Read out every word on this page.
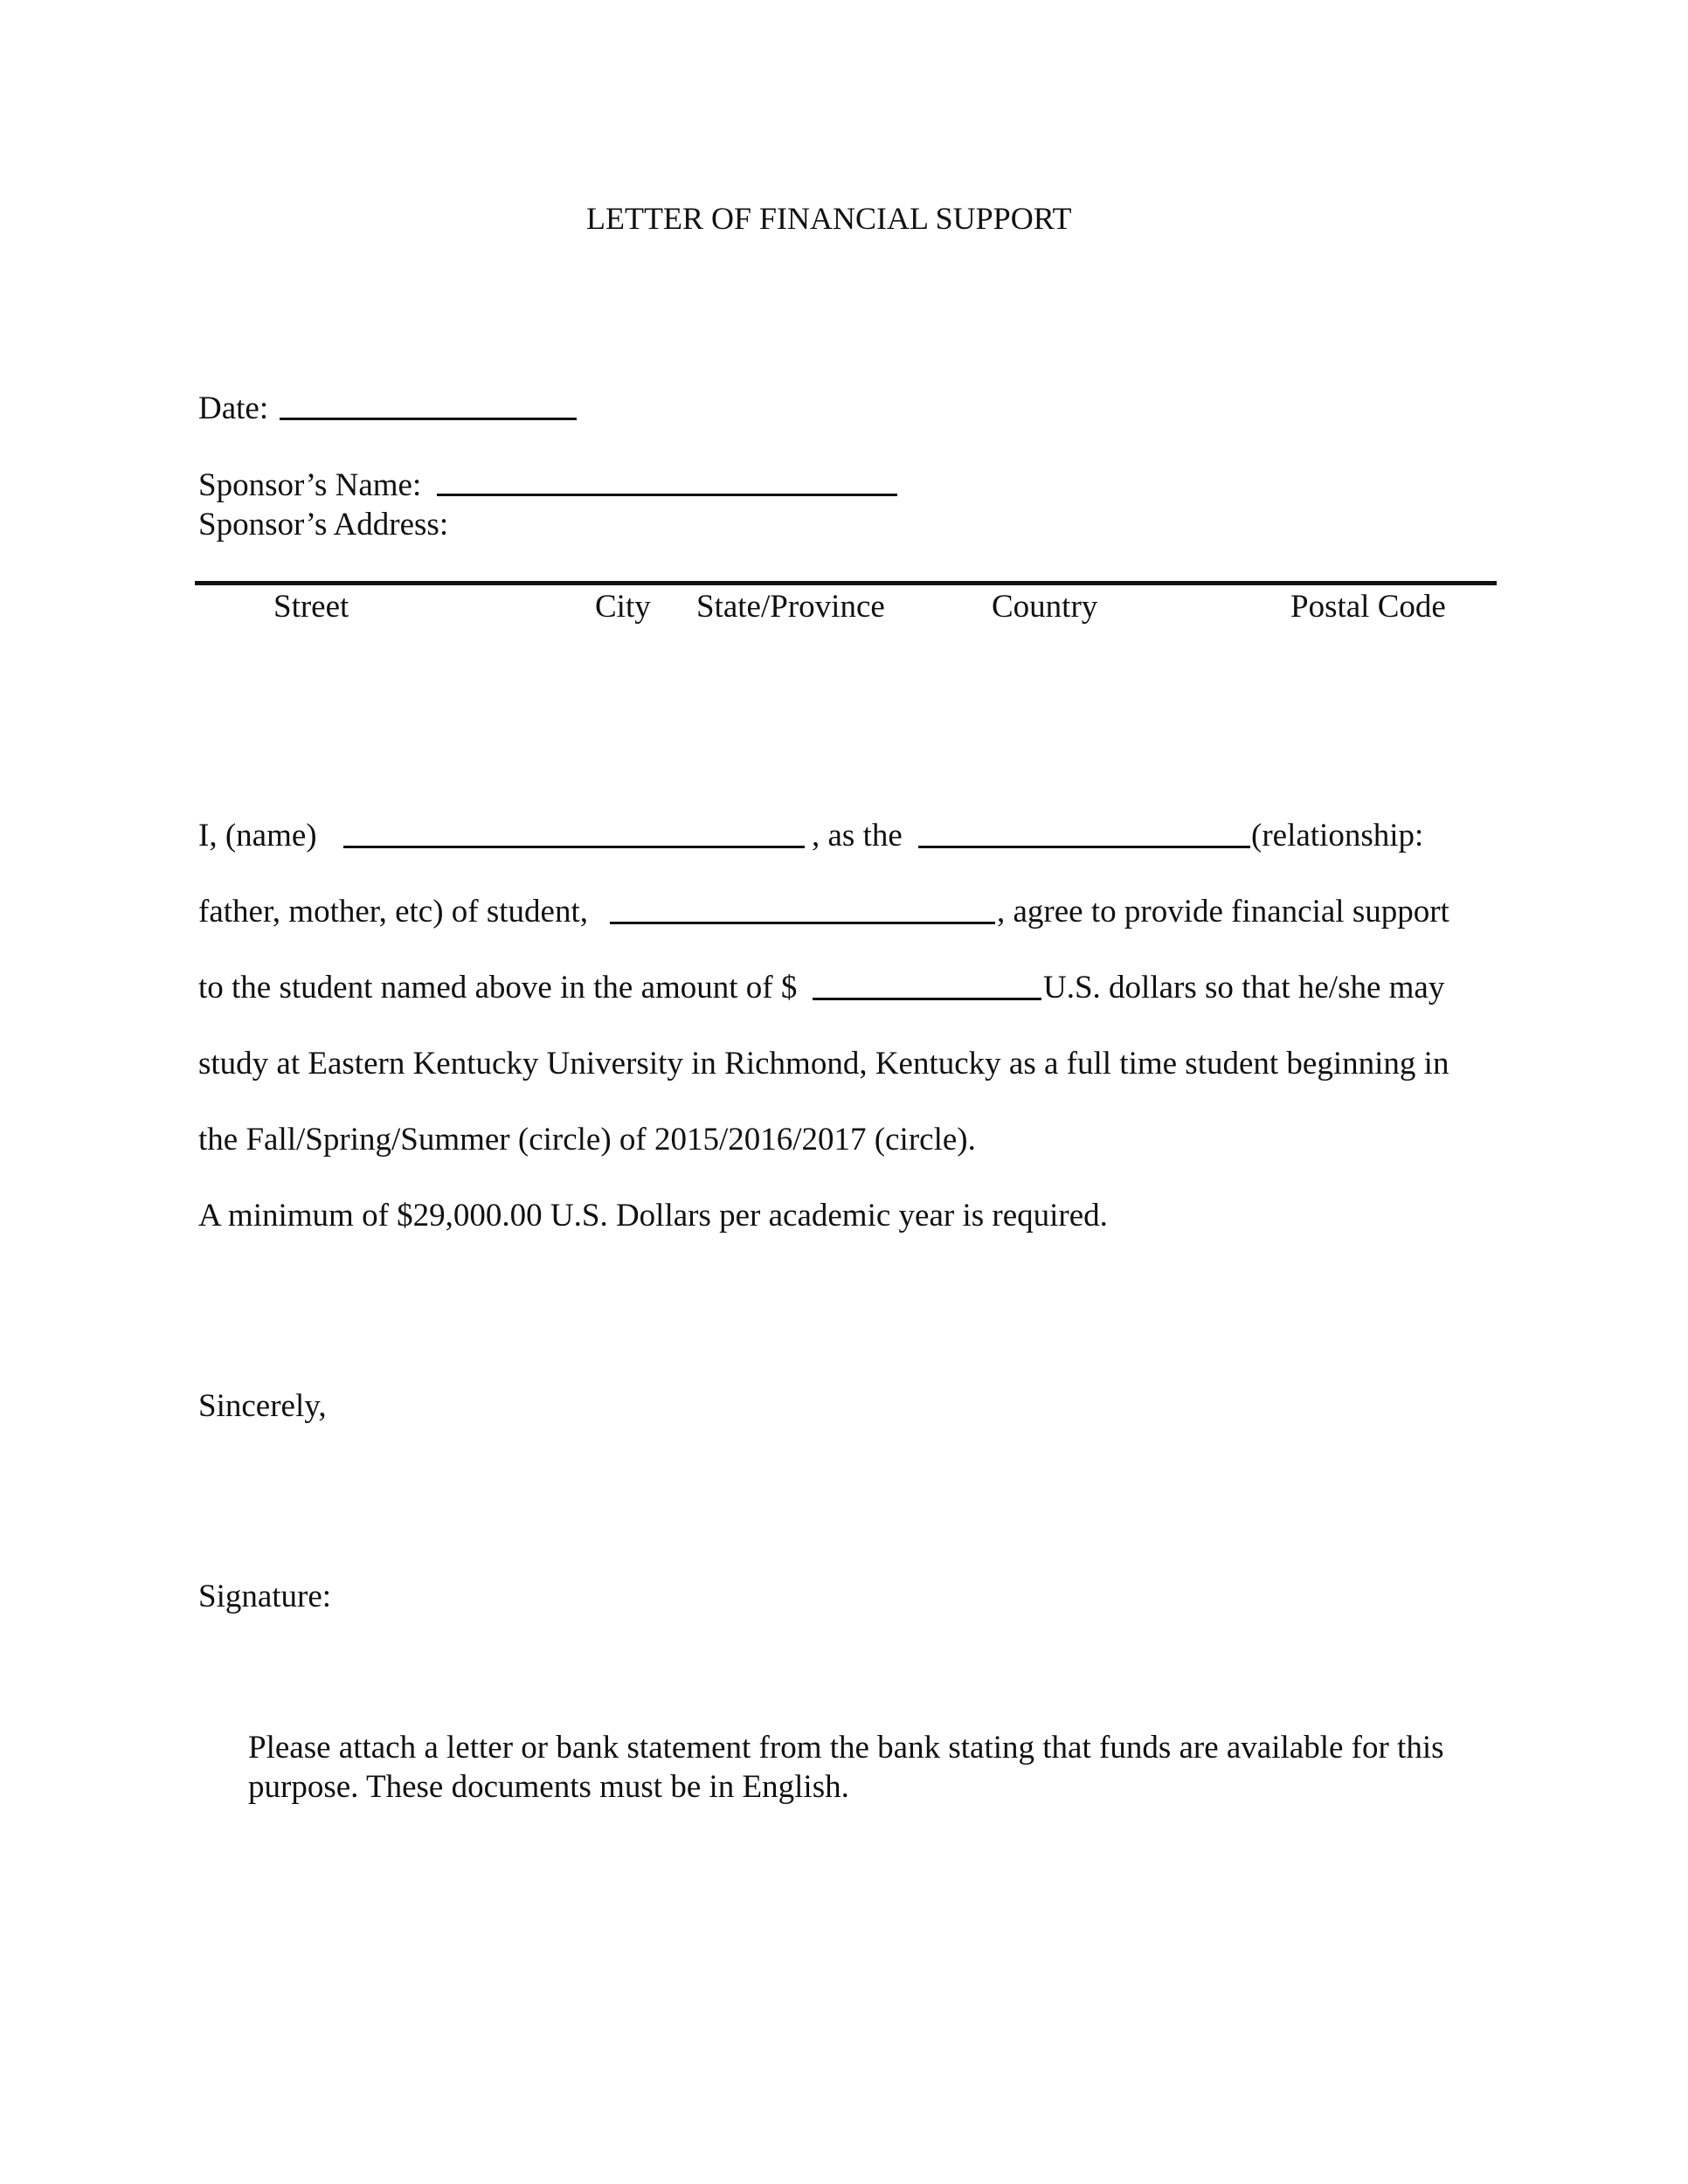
LETTER OF FINANCIAL SUPPORT
Date:
Sponsor’s Name:
Sponsor’s Address:
Street	City State/Province	Country	Postal Code
I, (name)	, as the	(relationship:
father, mother, etc) of student,	, agree to provide financial support
to the student named above in the amount of $	U.S. dollars so that he/she may
study at Eastern Kentucky University in Richmond, Kentucky as a full time student beginning in
the Fall/Spring/Summer (circle) of 2015/2016/2017 (circle).
A minimum of $29,000.00 U.S. Dollars per academic year is required.
Sincerely,
Signature:
Please attach a letter or bank statement from the bank stating that funds are available for this
purpose. These documents must be in English.
